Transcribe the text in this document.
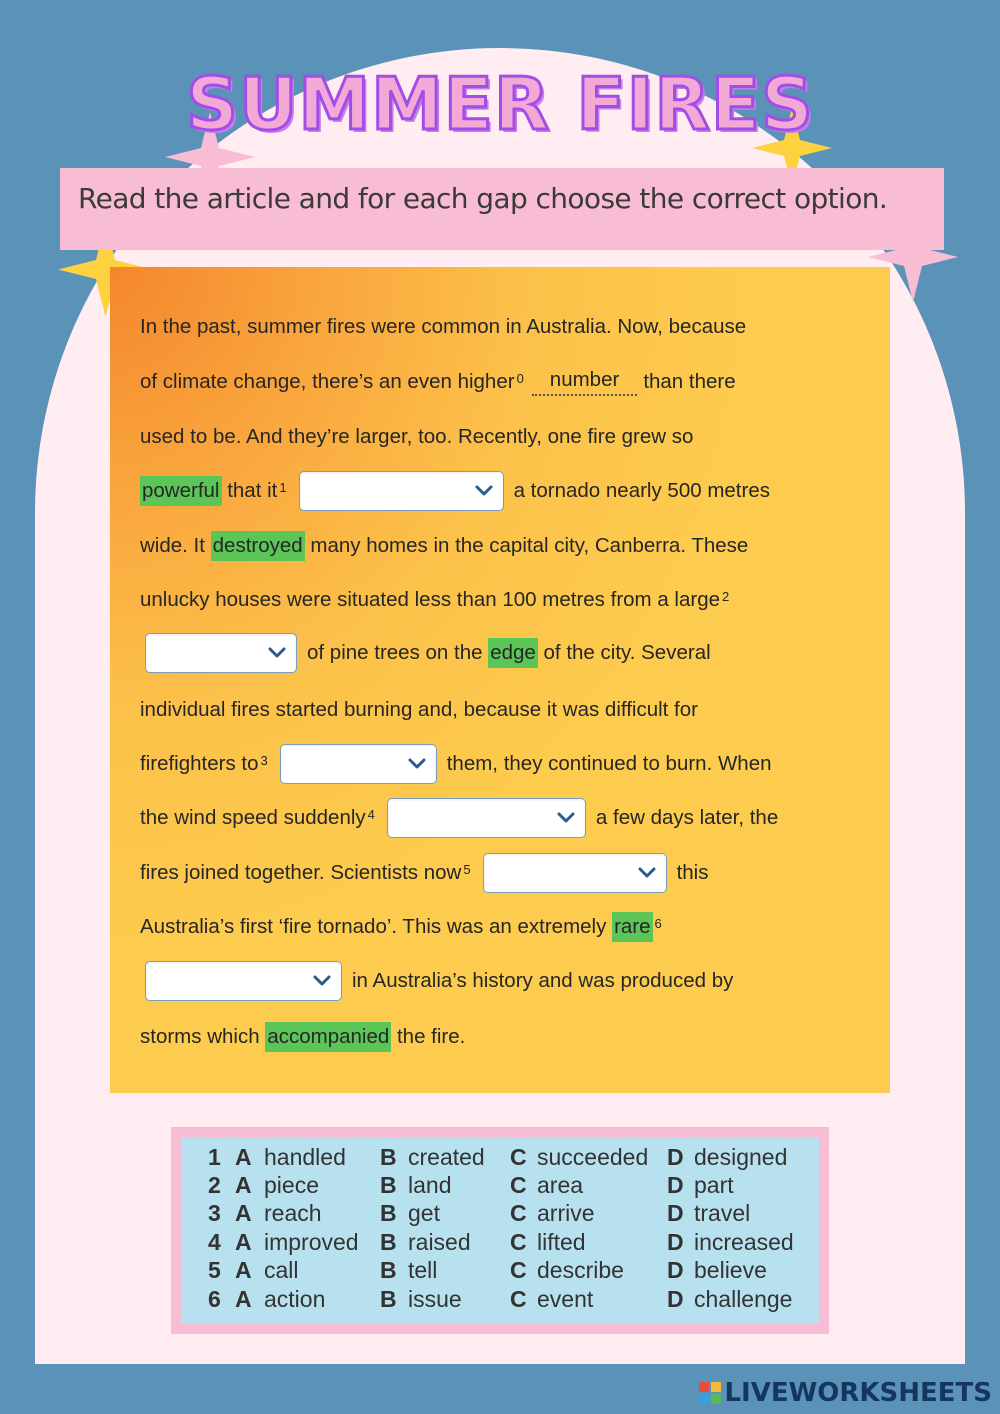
SUMMER FIRES
Read the article and for each gap choose the correct option.
In the past, summer fires were common in Australia. Now, because
of climate change, there’s an even higher$^0$	number	than there
used to be. And they’re larger, too. Recently, one fire grew so
powerful
that $it^1$	a tornado nearly 500 metres
wide. It
destroyed
many homes in the capital city, Canberra. These
unlucky houses were situated less than 100 metres from a large$^2$
of pine trees on the
edge
of the city. Several
individual fires started burning and, because it was difficult for
firefighters $to^3$	them, they continued to burn. When
the wind speed suddenly$^4$	a few days later, the
fires joined together. Scientists now$^5$	this
Australia’s first ‘fire tornado’. This was an extremely
rare $^6$
in Australia’s history and was produced by
storms which
accompanied
the fire.
1 A handled B created C succeeded D designed
2 A piece	B land	C area	D part
3 A reach	B get	C arrive	D travel
4 A improved B raised C lifted	D increased
5 A call	B tell	C describe D believe
6 A action B issue C event	D challenge
LIVEWORKSHEETS
